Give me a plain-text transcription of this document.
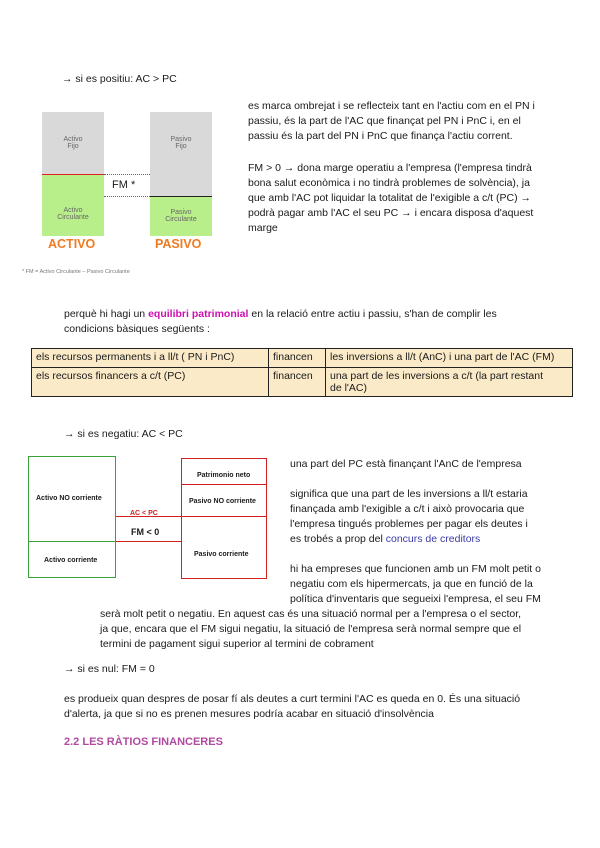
→ si es positiu: AC > PC
Activo
Fijo
Activo
Circulante
Pasivo
Fijo
Pasivo
Circulante
FM *
ACTIVO	PASIVO
* FM = Activo Circulante – Pasivo Circulante
es marca ombrejat i se reflecteix tant en l'actiu com en el PN i
passiu, és la part de l'AC que finançat pel PN i PnC i, en el
passiu és la part del PN i PnC que finança l'actiu corrent.
FM > 0 → dona marge operatiu a l'empresa (l'empresa tindrà
bona salut econòmica i no tindrà problemes de solvència), ja
que amb l'AC pot liquidar la totalitat de l'exigible a c/t (PC) →
podrà pagar amb l'AC el seu PC → i encara disposa d'aquest
marge
perquè hi hagi un equilibri patrimonial en la relació entre actiu i passiu, s'han de complir les
condicions bàsiques següents :
els recursos permanents i a ll/t ( PN i PnC)	financen	les inversions a ll/t (AnC) i una part de l'AC (FM)
els recursos financers a c/t (PC)	financen	una part de les inversions a c/t (la part restant
de l'AC)
→ si es negatiu: AC < PC
Activo NO corriente
Activo corriente
Patrimonio neto
Pasivo NO corriente
Pasivo corriente
AC < PC
FM < 0
una part del PC està finançant l'AnC de l'empresa
significa que una part de les inversions a ll/t estaria
finançada amb l'exigible a c/t i això provocaria que
l'empresa tingués problemes per pagar els deutes i
es trobés a prop del concurs de creditors
hi ha empreses que funcionen amb un FM molt petit o
negatiu com els hipermercats, ja que en funció de la
política d'inventaris que segueixi l'empresa, el seu FM
serà molt petit o negatiu. En aquest cas és una situació normal per a l'empresa o el sector,
ja que, encara que el FM sigui negatiu, la situació de l'empresa serà normal sempre que el
termini de pagament sigui superior al termini de cobrament
→ si es nul: FM = 0
es produeix quan despres de posar fí als deutes a curt termini l'AC es queda en 0. És una situació
d'alerta, ja que si no es prenen mesures podría acabar en situació d'insolvència
2.2 LES RÀTIOS FINANCERES
